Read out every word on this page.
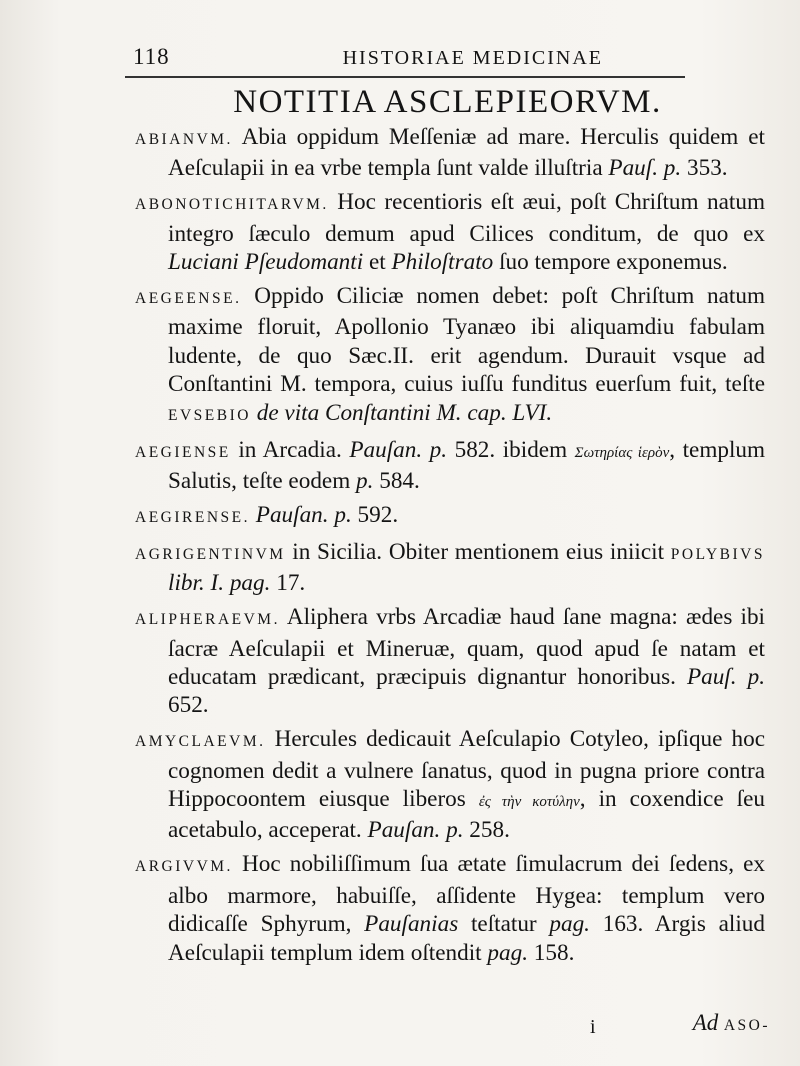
118	HISTORIAE MEDICINAE
NOTITIA ASCLEPIEORVM.

ABIANVM. Abia oppidum Meſſeniæ ad mare. Herculis quidem et Aeſculapii in ea vrbe templa ſunt valde illuſtria Pauſ. p. 353.

ABONOTICHITARVM. Hoc recentioris eſt æui, poſt Chriſtum natum integro ſæculo demum apud Cilices conditum, de quo ex Luciani Pſeudomanti et Philoſtrato ſuo tempore exponemus.

AEGEENSE. Oppido Ciliciæ nomen debet: poſt Chriſtum natum maxime floruit, Apollonio Tyanæo ibi aliquamdiu fabulam ludente, de quo Sæc.II. erit agendum. Durauit vsque ad Conſtantini M. tempora, cuius iuſſu funditus euerſum fuit, teſte EVSEBIO de vita Conſtantini M. cap. LVI.

AEGIENSE in Arcadia. Pauſan. p. 582. ibidem Σωτηρίας ἱερὸν, templum Salutis, teſte eodem p. 584.

AEGIRENSE. Pauſan. p. 592.

AGRIGENTINVM in Sicilia. Obiter mentionem eius iniicit POLYBIVS libr. I. pag. 17.

ALIPHERAEVM. Aliphera vrbs Arcadiæ haud ſane magna: ædes ibi ſacræ Aeſculapii et Mineruæ, quam, quod apud ſe natam et educatam prædicant, præcipuis dignantur honoribus. Pauſ. p. 652.

AMYCLAEVM. Hercules dedicauit Aeſculapio Cotyleo, ipſique hoc cognomen dedit a vulnere ſanatus, quod in pugna priore contra Hippocoontem eiusque liberos ἐς τὴν κοτύλην, in coxendice ſeu acetabulo, acceperat. Pauſan. p. 258.

ARGIVVM. Hoc nobiliſſimum ſua ætate ſimulacrum dei ſedens, ex albo marmore, habuiſſe, aſſidente Hygea: templum vero didicaſſe Sphyrum, Pauſanias teſtatur pag. 163. Argis aliud Aeſculapii templum idem oſtendit pag. 158.

i	Ad ASO-
